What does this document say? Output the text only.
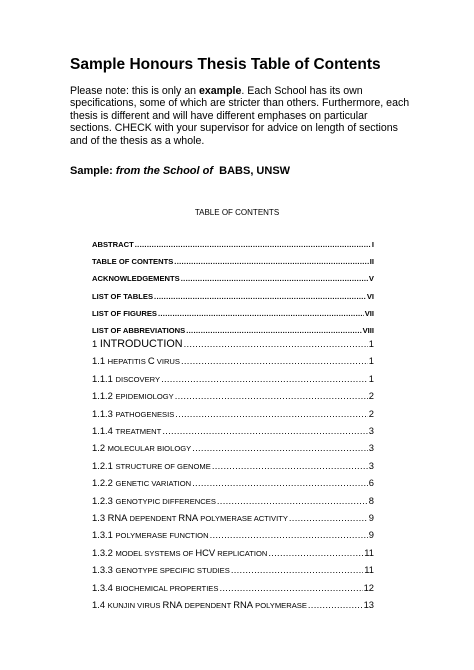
Sample Honours Thesis Table of Contents
Please note: this is only an example. Each School has its own specifications, some of which are stricter than others. Furthermore, each thesis is different and will have different emphases on particular sections. CHECK with your supervisor for advice on length of sections and of the thesis as a whole.
Sample: from the School of BABS, UNSW
TABLE OF CONTENTS
ABSTRACT .....	I
TABLE OF CONTENTS .....	II
ACKNOWLEDGEMENTS .....	V
LIST OF TABLES .....	VI
LIST OF FIGURES .....	VII
LIST OF ABBREVIATIONS .....	VIII
1 INTRODUCTION .....	1
1.1 HEPATITIS C VIRUS .....	1
1.1.1 DISCOVERY .....	1
1.1.2 EPIDEMIOLOGY .....	2
1.1.3 PATHOGENESIS .....	2
1.1.4 TREATMENT .....	3
1.2 MOLECULAR BIOLOGY .....	3
1.2.1 STRUCTURE OF GENOME .....	3
1.2.2 GENETIC VARIATION .....	6
1.2.3 GENOTYPIC DIFFERENCES .....	8
1.3 RNA DEPENDENT RNA POLYMERASE ACTIVITY .....	9
1.3.1 POLYMERASE FUNCTION .....	9
1.3.2 MODEL SYSTEMS OF HCV REPLICATION .....	11
1.3.3 GENOTYPE SPECIFIC STUDIES .....	11
1.3.4 BIOCHEMICAL PROPERTIES .....	12
1.4 KUNJIN VIRUS RNA DEPENDENT RNA POLYMERASE .....	13
